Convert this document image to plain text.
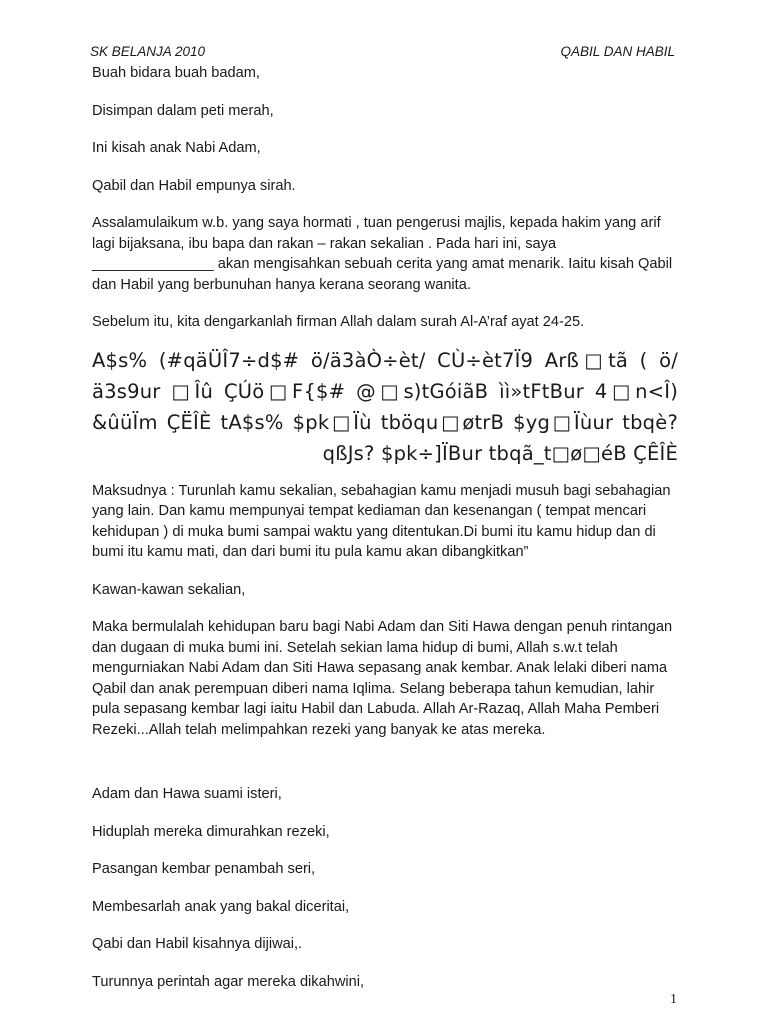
SK BELANJA 2010	QABIL DAN HABIL

Buah bidara buah badam,

Disimpan dalam peti merah,

Ini kisah anak Nabi Adam,

Qabil dan Habil empunya sirah.

Assalamulaikum w.b. yang saya hormati , tuan pengerusi majlis, kepada hakim yang arif lagi bijaksana, ibu bapa dan rakan – rakan sekalian . Pada hari ini, saya _______________ akan mengisahkan sebuah cerita yang amat menarik. Iaitu kisah Qabil dan Habil yang berbunuhan hanya kerana seorang wanita.

Sebelum itu, kita dengarkanlah firman Allah dalam surah Al-A’raf ayat 24-25.

A$s% (#qäÜÎ7÷d$# ö/ä3àÒ÷èt/ CÙ÷èt7Ï9 Arß□tã ( ö/ä3s9ur □Îû ÇÚö□F{$# @□s)tGóiãB ìì»tFtBur 4□n<Î) &ûüÏm ÇËÎÈ tA$s% $pk□Ïù tböqu□øtrB $yg□Ïùur tbqè?qßJs? $pk÷]ÏBur tbqã_t□ø□éB ÇÊÎÈ

Maksudnya : Turunlah kamu sekalian, sebahagian kamu menjadi musuh bagi sebahagian yang lain. Dan kamu mempunyai tempat kediaman dan kesenangan ( tempat mencari kehidupan ) di muka bumi sampai waktu yang ditentukan.Di bumi itu kamu hidup dan di bumi itu kamu mati, dan dari bumi itu pula kamu akan dibangkitkan”

Kawan-kawan sekalian,

Maka bermulalah kehidupan baru bagi Nabi Adam dan Siti Hawa dengan penuh rintangan dan dugaan di muka bumi ini. Setelah sekian lama hidup di bumi, Allah s.w.t telah mengurniakan Nabi Adam dan Siti Hawa sepasang anak kembar. Anak lelaki diberi nama Qabil dan anak perempuan diberi nama Iqlima. Selang beberapa tahun kemudian, lahir pula sepasang kembar lagi iaitu Habil dan Labuda. Allah Ar-Razaq, Allah Maha Pemberi Rezeki...Allah telah melimpahkan rezeki yang banyak ke atas mereka.

Adam dan Hawa suami isteri,

Hiduplah mereka dimurahkan rezeki,

Pasangan kembar penambah seri,

Membesarlah anak yang bakal diceritai,

Qabi dan Habil kisahnya dijiwai,.

Turunnya perintah agar mereka dikahwini,

1
